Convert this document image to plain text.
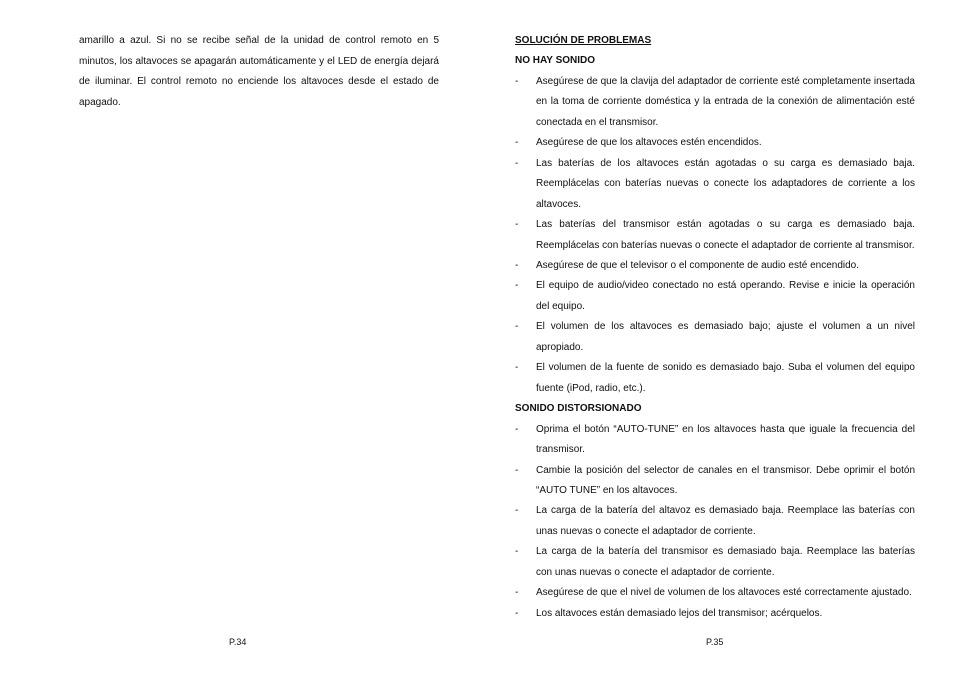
amarillo a azul. Si no se recibe señal de la unidad de control remoto en 5 minutos, los altavoces se apagarán automáticamente y el LED de energía dejará de iluminar. El control remoto no enciende los altavoces desde el estado de apagado.

P.34

SOLUCIÓN DE PROBLEMAS

NO HAY SONIDO

- Asegúrese de que la clavija del adaptador de corriente esté completamente insertada en la toma de corriente doméstica y la entrada de la conexión de alimentación esté conectada en el transmisor.

- Asegúrese de que los altavoces estén encendidos.

- Las baterías de los altavoces están agotadas o su carga es demasiado baja. Reemplácelas con baterías nuevas o conecte los adaptadores de corriente a los altavoces.

- Las baterías del transmisor están agotadas o su carga es demasiado baja. Reemplácelas con baterías nuevas o conecte el adaptador de corriente al transmisor.

- Asegúrese de que el televisor o el componente de audio esté encendido.

- El equipo de audio/video conectado no está operando. Revise e inicie la operación del equipo.

- El volumen de los altavoces es demasiado bajo; ajuste el volumen a un nivel apropiado.

- El volumen de la fuente de sonido es demasiado bajo. Suba el volumen del equipo fuente (iPod, radio, etc.).

SONIDO DISTORSIONADO

- Oprima el botón “AUTO-TUNE” en los altavoces hasta que iguale la frecuencia del transmisor.

- Cambie la posición del selector de canales en el transmisor. Debe oprimir el botón “AUTO TUNE” en los altavoces.

- La carga de la batería del altavoz es demasiado baja. Reemplace las baterías con unas nuevas o conecte el adaptador de corriente.

- La carga de la batería del transmisor es demasiado baja. Reemplace las baterías con unas nuevas o conecte el adaptador de corriente.

- Asegúrese de que el nivel de volumen de los altavoces esté correctamente ajustado.

- Los altavoces están demasiado lejos del transmisor; acérquelos.

P.35
